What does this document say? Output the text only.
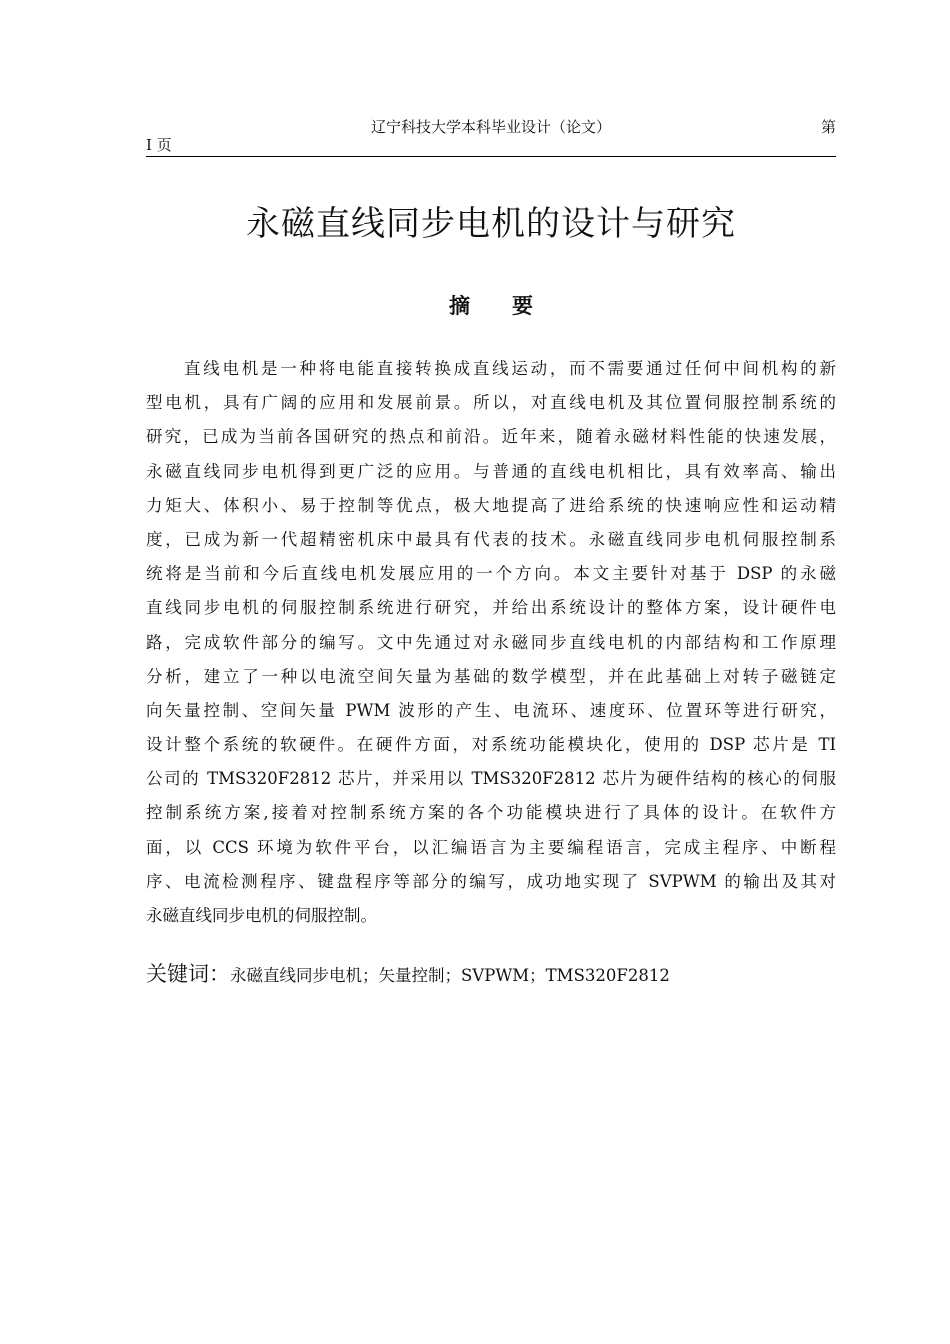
辽宁科技大学本科毕业设计（论文）	第
I 页
永磁直线同步电机的设计与研究
摘　　要
直线电机是一种将电能直接转换成直线运动，而不需要通过任何中间机构的新
型电机，具有广阔的应用和发展前景。所以，对直线电机及其位置伺服控制系统的
研究，已成为当前各国研究的热点和前沿。近年来，随着永磁材料性能的快速发展，
永磁直线同步电机得到更广泛的应用。与普通的直线电机相比，具有效率高、输出
力矩大、体积小、易于控制等优点，极大地提高了进给系统的快速响应性和运动精
度，已成为新一代超精密机床中最具有代表的技术。永磁直线同步电机伺服控制系
统将是当前和今后直线电机发展应用的一个方向。本文主要针对基于 DSP 的永磁
直线同步电机的伺服控制系统进行研究，并给出系统设计的整体方案，设计硬件电
路，完成软件部分的编写。文中先通过对永磁同步直线电机的内部结构和工作原理
分析，建立了一种以电流空间矢量为基础的数学模型，并在此基础上对转子磁链定
向矢量控制、空间矢量 PWM 波形的产生、电流环、速度环、位置环等进行研究，
设计整个系统的软硬件。在硬件方面，对系统功能模块化，使用的 DSP 芯片是 TI
公司的 TMS320F2812 芯片，并采用以 TMS320F2812 芯片为硬件结构的核心的伺服
控制系统方案,接着对控制系统方案的各个功能模块进行了具体的设计。在软件方
面，以 CCS 环境为软件平台，以汇编语言为主要编程语言，完成主程序、中断程
序、电流检测程序、键盘程序等部分的编写，成功地实现了 SVPWM 的输出及其对
永磁直线同步电机的伺服控制。
关键词：永磁直线同步电机；矢量控制；SVPWM；TMS320F2812
